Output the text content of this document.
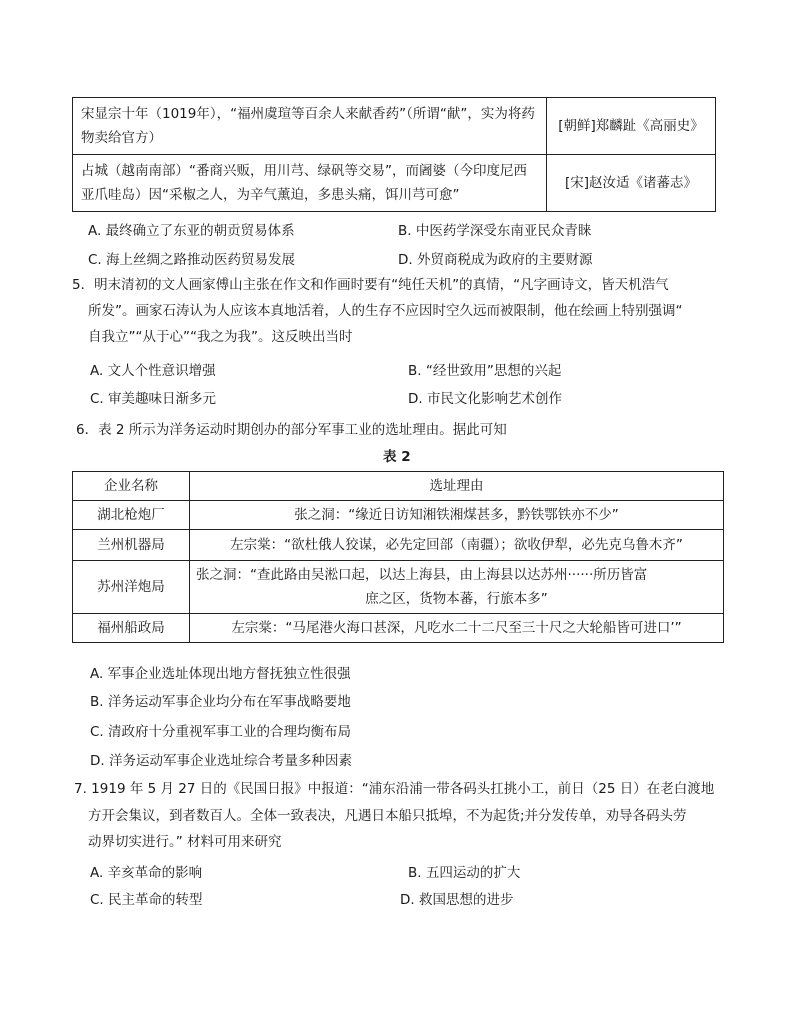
宋显宗十年（1019年），“福州虞瑄等百余人来献香药”（所谓“献”，实为将药物卖给官方）	[朝鲜]郑麟趾《高丽史》
占城（越南南部）“番商兴贩，用川芎、绿矾等交易”，而阇婆（今印度尼西亚爪哇岛）因“采椒之人，为辛气薰迫，多患头痛，饵川芎可愈”	[宋]赵汝适《诸蕃志》
A. 最终确立了东亚的朝贡贸易体系	B. 中医药学深受东南亚民众青睐
C. 海上丝绸之路推动医药贸易发展	D. 外贸商税成为政府的主要财源
5．明末清初的文人画家傅山主张在作文和作画时要有“纯任天机”的真情，“凡字画诗文，皆天机浩气
所发”。画家石涛认为人应该本真地活着，人的生存不应因时空久远而被限制，他在绘画上特别强调“
自我立”“从于心”“我之为我”。这反映出当时
A. 文人个性意识增强	B. “经世致用”思想的兴起
C. 审美趣味日渐多元	D. 市民文化影响艺术创作
6．表 2 所示为洋务运动时期创办的部分军事工业的选址理由。据此可知
表 2
企业名称	选址理由
湖北枪炮厂	张之洞：“缘近日访知湘铁湘煤甚多，黔铁鄂铁亦不少”
兰州机器局	左宗棠：“欲杜俄人狡谋，必先定回部（南疆）；欲收伊犁，必先克乌鲁木齐”
苏州洋炮局	张之洞：“查此路由吴淞口起，以达上海县，由上海县以达苏州······所历皆富
庶之区，货物本蕃，行旅本多”

福州船政局	左宗棠：“马尾港火海口甚深，凡吃水二十二尺至三十尺之大轮船皆可进口’”
A. 军事企业选址体现出地方督抚独立性很强
B. 洋务运动军事企业均分布在军事战略要地
C. 清政府十分重视军事工业的合理均衡布局
D. 洋务运动军事企业选址综合考量多种因素
7. 1919 年 5 月 27 日的《民国日报》中报道：“浦东沿浦一带各码头扛挑小工，前日（25 日）在老白渡地
方开会集议，到者数百人。全体一致表决，凡遇日本船只抵埠，不为起货;并分发传单，劝导各码头劳
动界切实进行。” 材料可用来研究
A. 辛亥革命的影响	B. 五四运动的扩大
C. 民主革命的转型	D. 救国思想的进步
